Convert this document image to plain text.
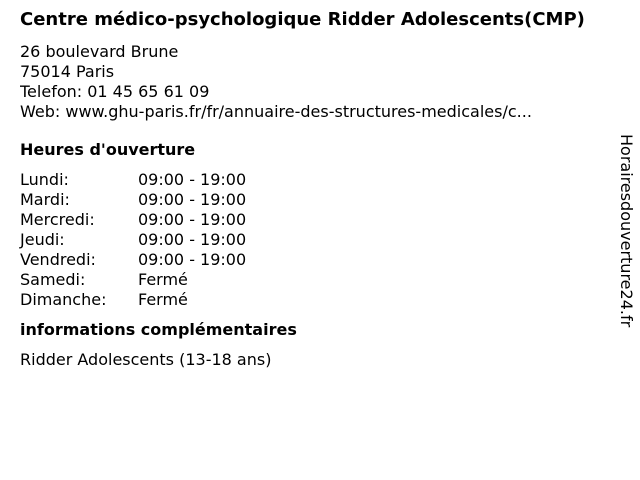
Centre médico-psychologique Ridder Adolescents(CMP)
26 boulevard Brune
75014 Paris
Telefon: 01 45 65 61 09
Web: www.ghu-paris.fr/fr/annuaire-des-structures-medicales/c...
Heures d'ouverture
Lundi:	09:00 - 19:00
Mardi:	09:00 - 19:00
Mercredi:	09:00 - 19:00
Jeudi:	09:00 - 19:00
Vendredi:	09:00 - 19:00
Samedi:	Fermé
Dimanche:	Fermé
informations complémentaires
Ridder Adolescents (13-18 ans)
Horairesdouverture24.fr
